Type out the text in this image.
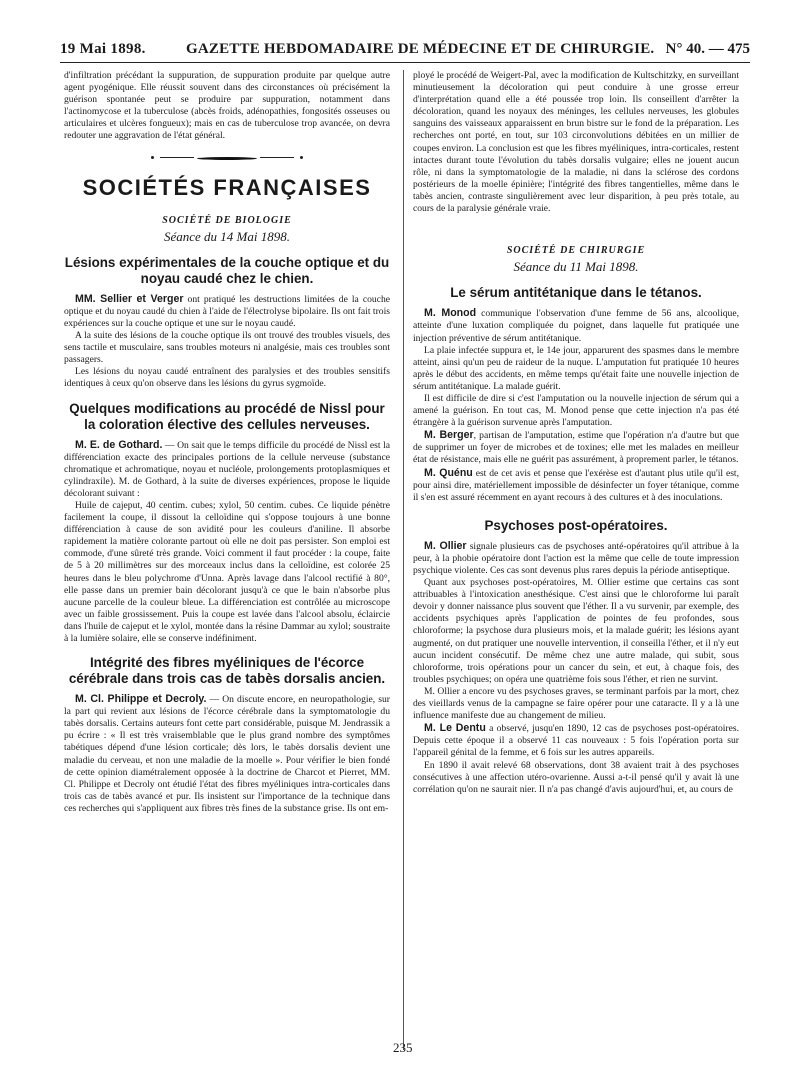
19 Mai 1898.	GAZETTE HEBDOMADAIRE DE MÉDECINE ET DE CHIRURGIE. N° 40. — 475

d'infiltration précédant la suppuration, de suppuration produite par quelque autre agent pyogénique. Elle réussit souvent dans des circonstances où précisément la guérison spontanée peut se produire par suppuration, notamment dans l'actinomycose et la tuberculose (abcès froids, adénopathies, fongosités osseuses ou articulaires et ulcères fongueux); mais en cas de tuberculose trop avancée, on devra redouter une aggravation de l'état général.

SOCIÉTÉS FRANÇAISES
SOCIÉTÉ DE BIOLOGIE
Séance du 14 Mai 1898.
Lésions expérimentales de la couche optique et du noyau caudé chez le chien.

MM. Sellier et Verger ont pratiqué les destructions limitées de la couche optique et du noyau caudé du chien à l'aide de l'électrolyse bipolaire. Ils ont fait trois expériences sur la couche optique et une sur le noyau caudé.

A la suite des lésions de la couche optique ils ont trouvé des troubles visuels, des sens tactile et musculaire, sans troubles moteurs ni analgésie, mais ces troubles sont passagers.

Les lésions du noyau caudé entraînent des paralysies et des troubles sensitifs identiques à ceux qu'on observe dans les lésions du gyrus sygmoïde.

Quelques modifications au procédé de Nissl pour la coloration élective des cellules nerveuses.

M. E. de Gothard. — On sait que le temps difficile du procédé de Nissl est la différenciation exacte des principales portions de la cellule nerveuse (substance chromatique et achromatique, noyau et nucléole, prolongements protoplasmiques et cylindraxile). M. de Gothard, à la suite de diverses expériences, propose le liquide décolorant suivant :

Huile de cajeput, 40 centim. cubes; xylol, 50 centim. cubes. Ce liquide pénètre facilement la coupe, il dissout la celloïdine qui s'oppose toujours à une bonne différenciation à cause de son avidité pour les couleurs d'aniline. Il absorbe rapidement la matière colorante partout où elle ne doit pas persister. Son emploi est commode, d'une sûreté très grande. Voici comment il faut procéder : la coupe, faite de 5 à 20 millimètres sur des morceaux inclus dans la celloïdine, est colorée 25 heures dans le bleu polychrome d'Unna. Après lavage dans l'alcool rectifié à 80°, elle passe dans un premier bain décolorant jusqu'à ce que le bain n'absorbe plus aucune parcelle de la couleur bleue. La différenciation est contrôlée au microscope avec un faible grossissement. Puis la coupe est lavée dans l'alcool absolu, éclaircie dans l'huile de cajeput et le xylol, montée dans la résine Dammar au xylol; soustraite à la lumière solaire, elle se conserve indéfiniment.

Intégrité des fibres myéliniques de l'écorce cérébrale dans trois cas de tabès dorsalis ancien.

M. Cl. Philippe et Decroly. — On discute encore, en neuropathologie, sur la part qui revient aux lésions de l'écorce cérébrale dans la symptomatologie du tabès dorsalis. Certains auteurs font cette part considérable, puisque M. Jendrassik a pu écrire : « Il est très vraisemblable que le plus grand nombre des symptômes tabétiques dépend d'une lésion corticale; dès lors, le tabès dorsalis devient une maladie du cerveau, et non une maladie de la moelle ». Pour vérifier le bien fondé de cette opinion diamétralement opposée à la doctrine de Charcot et Pierret, MM. Cl. Philippe et Decroly ont étudié l'état des fibres myéliniques intra-corticales dans trois cas de tabès avancé et pur. Ils insistent sur l'importance de la technique dans ces recherches qui s'appliquent aux fibres très fines de la substance grise. Ils ont em-

ployé le procédé de Weigert-Pal, avec la modification de Kultschitzky, en surveillant minutieusement la décoloration qui peut conduire à une grosse erreur d'interprétation quand elle a été poussée trop loin. Ils conseillent d'arrêter la décoloration, quand les noyaux des méninges, les cellules nerveuses, les globules sanguins des vaisseaux apparaissent en brun bistre sur le fond de la préparation. Les recherches ont porté, en tout, sur 103 circonvolutions débitées en un millier de coupes environ. La conclusion est que les fibres myéliniques, intra-corticales, restent intactes durant toute l'évolution du tabès dorsalis vulgaire; elles ne jouent aucun rôle, ni dans la symptomatologie de la maladie, ni dans la sclérose des cordons postérieurs de la moelle épinière; l'intégrité des fibres tangentielles, même dans le tabès ancien, contraste singulièrement avec leur disparition, à peu près totale, au cours de la paralysie générale vraie.

SOCIÉTÉ DE CHIRURGIE
Séance du 11 Mai 1898.
Le sérum antitétanique dans le tétanos.

M. Monod communique l'observation d'une femme de 56 ans, alcoolique, atteinte d'une luxation compliquée du poignet, dans laquelle fut pratiquée une injection préventive de sérum antitétanique.

La plaie infectée suppura et, le 14e jour, apparurent des spasmes dans le membre atteint, ainsi qu'un peu de raideur de la nuque. L'amputation fut pratiquée 10 heures après le début des accidents, en même temps qu'était faite une nouvelle injection de sérum antitétanique. La malade guérit.

Il est difficile de dire si c'est l'amputation ou la nouvelle injection de sérum qui a amené la guérison. En tout cas, M. Monod pense que cette injection n'a pas été étrangère à la guérison survenue après l'amputation.

M. Berger, partisan de l'amputation, estime que l'opération n'a d'autre but que de supprimer un foyer de microbes et de toxines; elle met les malades en meilleur état de résistance, mais elle ne guérit pas assurément, à proprement parler, le tétanos.

M. Quénu est de cet avis et pense que l'exérèse est d'autant plus utile qu'il est, pour ainsi dire, matériellement impossible de désinfecter un foyer tétanique, comme il s'en est assuré récemment en ayant recours à des cultures et à des inoculations.

Psychoses post-opératoires.

M. Ollier signale plusieurs cas de psychoses anté-opératoires qu'il attribue à la peur, à la phobie opératoire dont l'action est la même que celle de toute impression psychique violente. Ces cas sont devenus plus rares depuis la période antiseptique.

Quant aux psychoses post-opératoires, M. Ollier estime que certains cas sont attribuables à l'intoxication anesthésique. C'est ainsi que le chloroforme lui paraît devoir y donner naissance plus souvent que l'éther. Il a vu survenir, par exemple, des accidents psychiques après l'application de pointes de feu profondes, sous chloroforme; la psychose dura plusieurs mois, et la malade guérit; les lésions ayant augmenté, on dut pratiquer une nouvelle intervention, il conseilla l'éther, et il n'y eut aucun incident consécutif. De même chez une autre malade, qui subit, sous chloroforme, trois opérations pour un cancer du sein, et eut, à chaque fois, des troubles psychiques; on opéra une quatrième fois sous l'éther, et rien ne survint.

M. Ollier a encore vu des psychoses graves, se terminant parfois par la mort, chez des vieillards venus de la campagne se faire opérer pour une cataracte. Il y a là une influence manifeste due au changement de milieu.

M. Le Dentu a observé, jusqu'en 1890, 12 cas de psychoses post-opératoires. Depuis cette époque il a observé 11 cas nouveaux : 5 fois l'opération porta sur l'appareil génital de la femme, et 6 fois sur les autres appareils.

En 1890 il avait relevé 68 observations, dont 38 avaient trait à des psychoses consécutives à une affection utéro-ovarienne. Aussi a-t-il pensé qu'il y avait là une corrélation qu'on ne saurait nier. Il n'a pas changé d'avis aujourd'hui, et, au cours de

235
